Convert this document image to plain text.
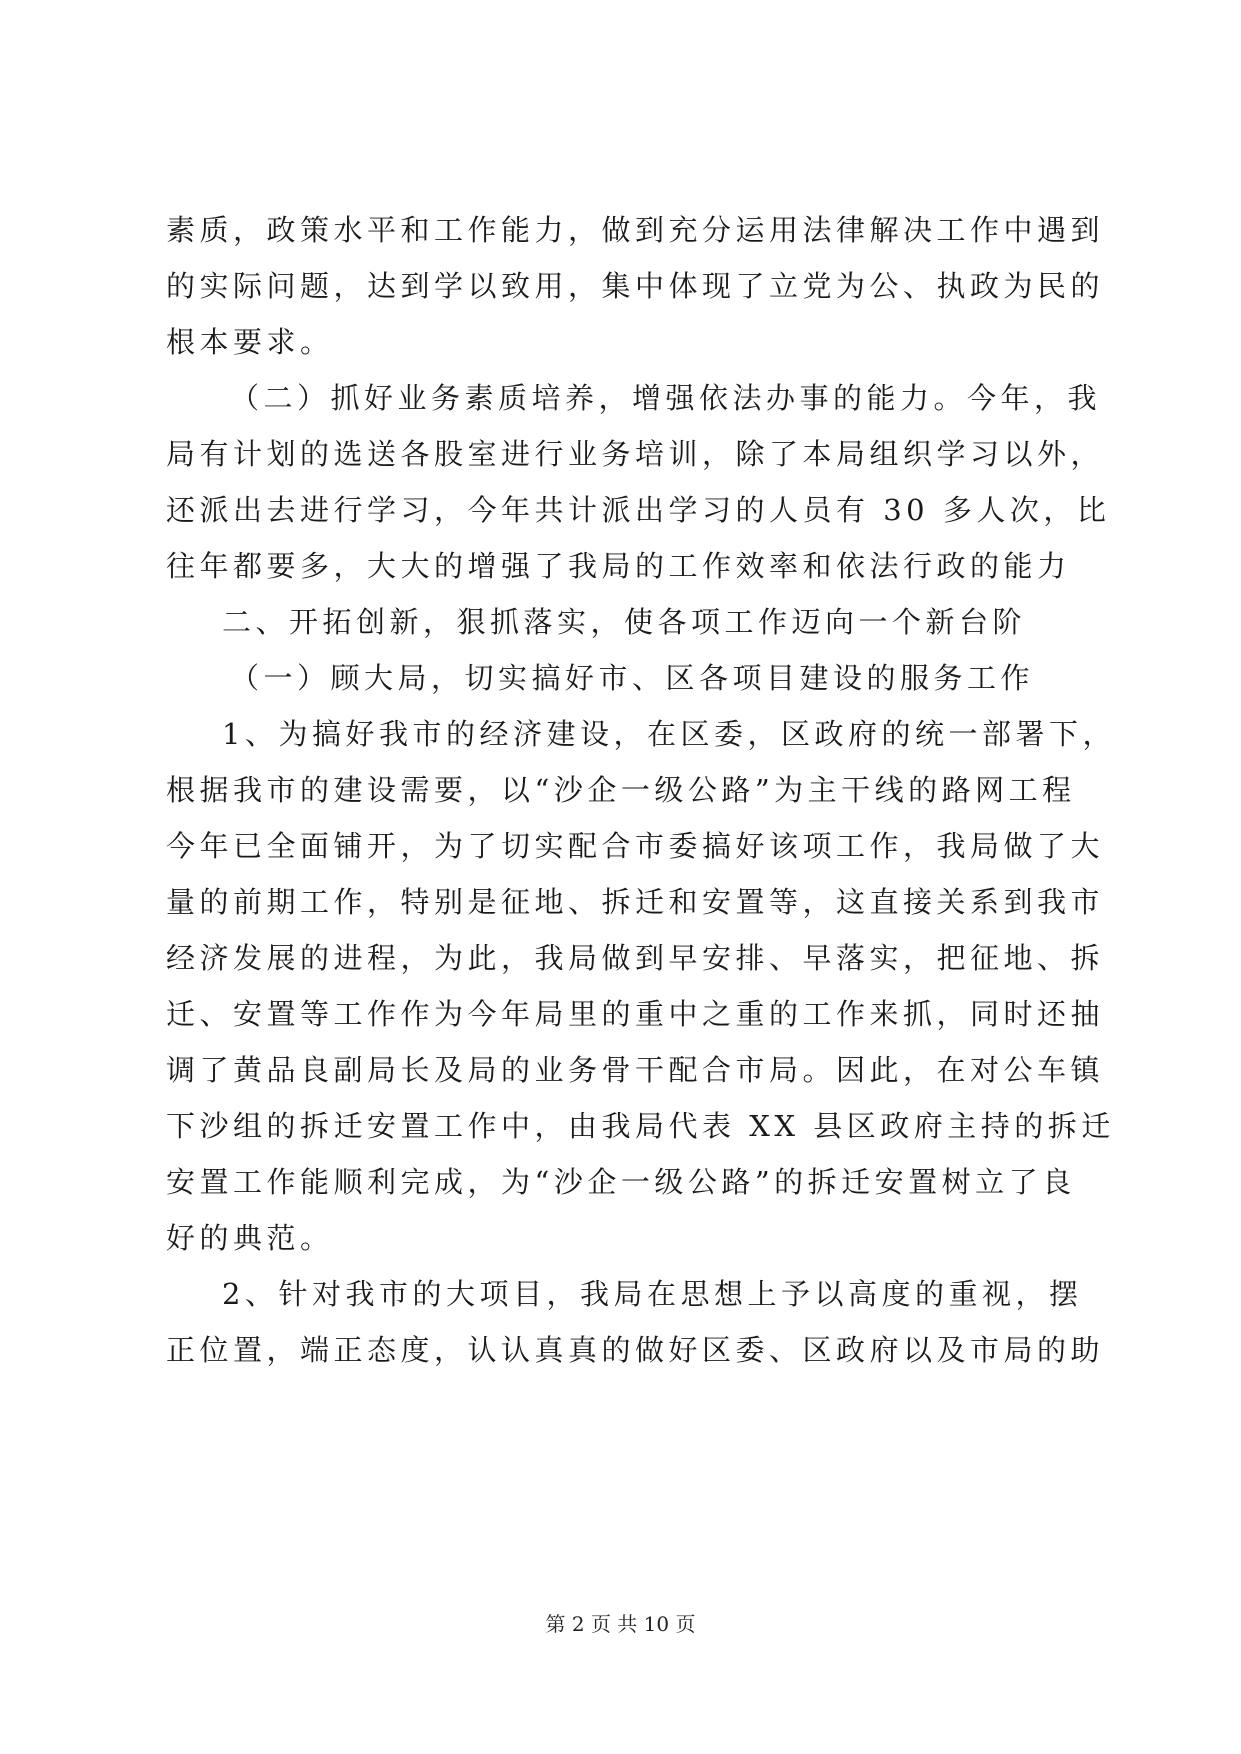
素质，政策水平和工作能力，做到充分运用法律解决工作中遇到
的实际问题，达到学以致用，集中体现了立党为公、执政为民的
根本要求。
（二）抓好业务素质培养，增强依法办事的能力。今年，我
局有计划的选送各股室进行业务培训，除了本局组织学习以外，
还派出去进行学习，今年共计派出学习的人员有 30 多人次，比
往年都要多，大大的增强了我局的工作效率和依法行政的能力
二、开拓创新，狠抓落实，使各项工作迈向一个新台阶
（一）顾大局，切实搞好市、区各项目建设的服务工作
1、为搞好我市的经济建设，在区委，区政府的统一部署下，
根据我市的建设需要，以“沙企一级公路”为主干线的路网工程
今年已全面铺开，为了切实配合市委搞好该项工作，我局做了大
量的前期工作，特别是征地、拆迁和安置等，这直接关系到我市
经济发展的进程，为此，我局做到早安排、早落实，把征地、拆
迁、安置等工作作为今年局里的重中之重的工作来抓，同时还抽
调了黄品良副局长及局的业务骨干配合市局。因此，在对公车镇
下沙组的拆迁安置工作中，由我局代表 XX 县区政府主持的拆迁
安置工作能顺利完成，为“沙企一级公路”的拆迁安置树立了良
好的典范。
2、针对我市的大项目，我局在思想上予以高度的重视，摆
正位置，端正态度，认认真真的做好区委、区政府以及市局的助
第 2 页 共 10 页
